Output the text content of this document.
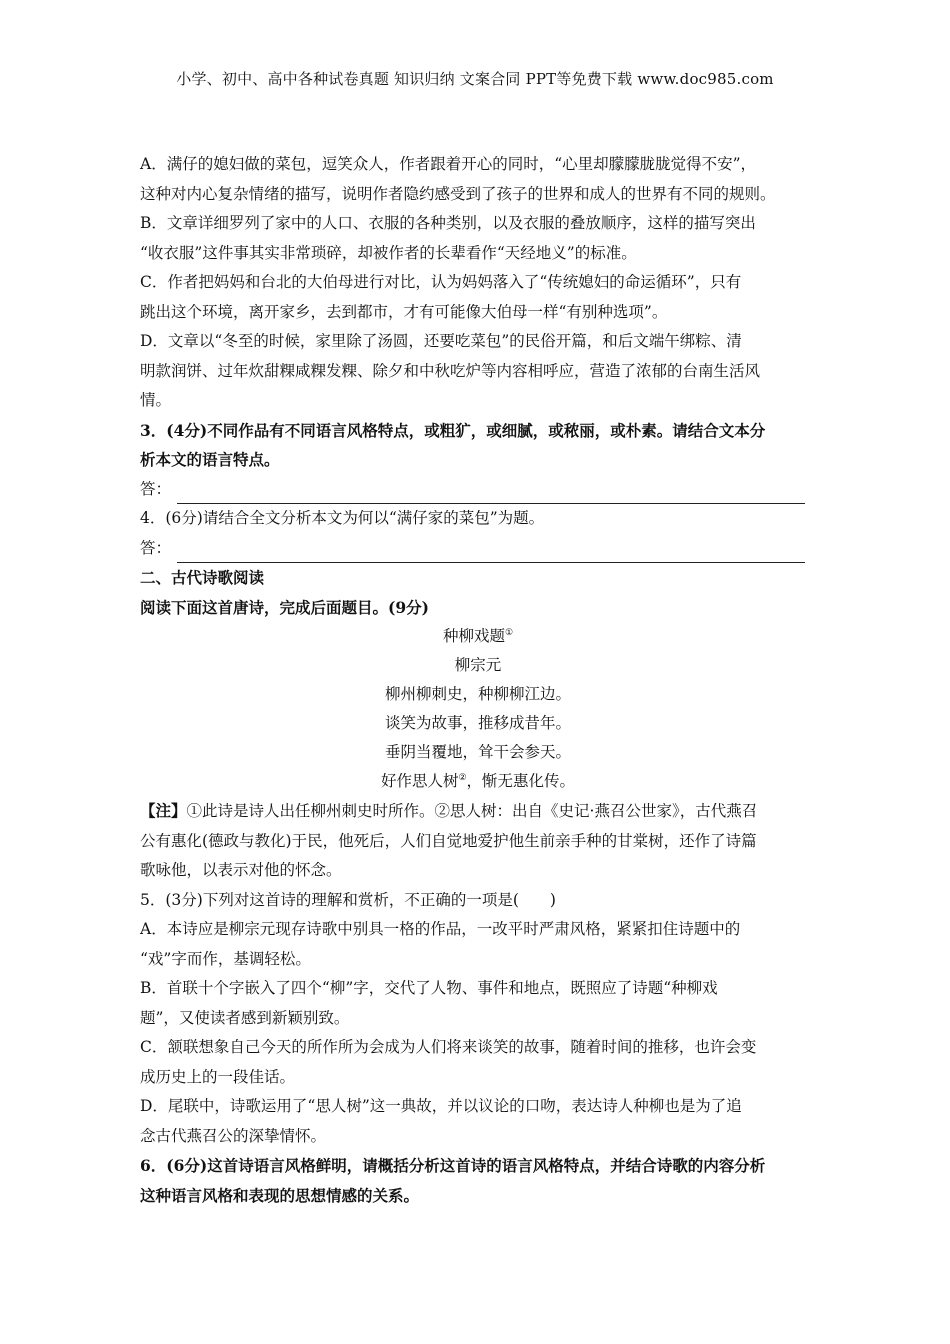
小学、初中、高中各种试卷真题 知识归纳 文案合同 PPT等免费下载 www.doc985.com

A．满仔的媳妇做的菜包，逗笑众人，作者跟着开心的同时，“心里却朦朦胧胧觉得不安”，

这种对内心复杂情绪的描写，说明作者隐约感受到了孩子的世界和成人的世界有不同的规则。

B．文章详细罗列了家中的人口、衣服的各种类别，以及衣服的叠放顺序，这样的描写突出

“收衣服”这件事其实非常琐碎，却被作者的长辈看作“天经地义”的标准。

C．作者把妈妈和台北的大伯母进行对比，认为妈妈落入了“传统媳妇的命运循环”，只有

跳出这个环境，离开家乡，去到都市，才有可能像大伯母一样“有别种选项”。

D．文章以“冬至的时候，家里除了汤圆，还要吃菜包”的民俗开篇，和后文端午绑粽、清

明款润饼、过年炊甜粿咸粿发粿、除夕和中秋吃炉等内容相呼应，营造了浓郁的台南生活风

情。

3．(4分)不同作品有不同语言风格特点，或粗犷，或细腻，或秾丽，或朴素。请结合文本分

析本文的语言特点。

答：

4．(6分)请结合全文分析本文为何以“满仔家的菜包”为题。

答：

二、古代诗歌阅读

阅读下面这首唐诗，完成后面题目。(9分)

种柳戏题①

柳宗元

柳州柳刺史，种柳柳江边。

谈笑为故事，推移成昔年。

垂阴当覆地，耸干会参天。

好作思人树②，惭无惠化传。

【注】①此诗是诗人出任柳州刺史时所作。②思人树：出自《史记·燕召公世家》，古代燕召

公有惠化(德政与教化)于民，他死后，人们自觉地爱护他生前亲手种的甘棠树，还作了诗篇

歌咏他，以表示对他的怀念。

5．(3分)下列对这首诗的理解和赏析，不正确的一项是(　　)

A．本诗应是柳宗元现存诗歌中别具一格的作品，一改平时严肃风格，紧紧扣住诗题中的

“戏”字而作，基调轻松。

B．首联十个字嵌入了四个“柳”字，交代了人物、事件和地点，既照应了诗题“种柳戏

题”，又使读者感到新颖别致。

C．颔联想象自己今天的所作所为会成为人们将来谈笑的故事，随着时间的推移，也许会变

成历史上的一段佳话。

D．尾联中，诗歌运用了“思人树”这一典故，并以议论的口吻，表达诗人种柳也是为了追

念古代燕召公的深挚情怀。

6．(6分)这首诗语言风格鲜明，请概括分析这首诗的语言风格特点，并结合诗歌的内容分析

这种语言风格和表现的思想情感的关系。
